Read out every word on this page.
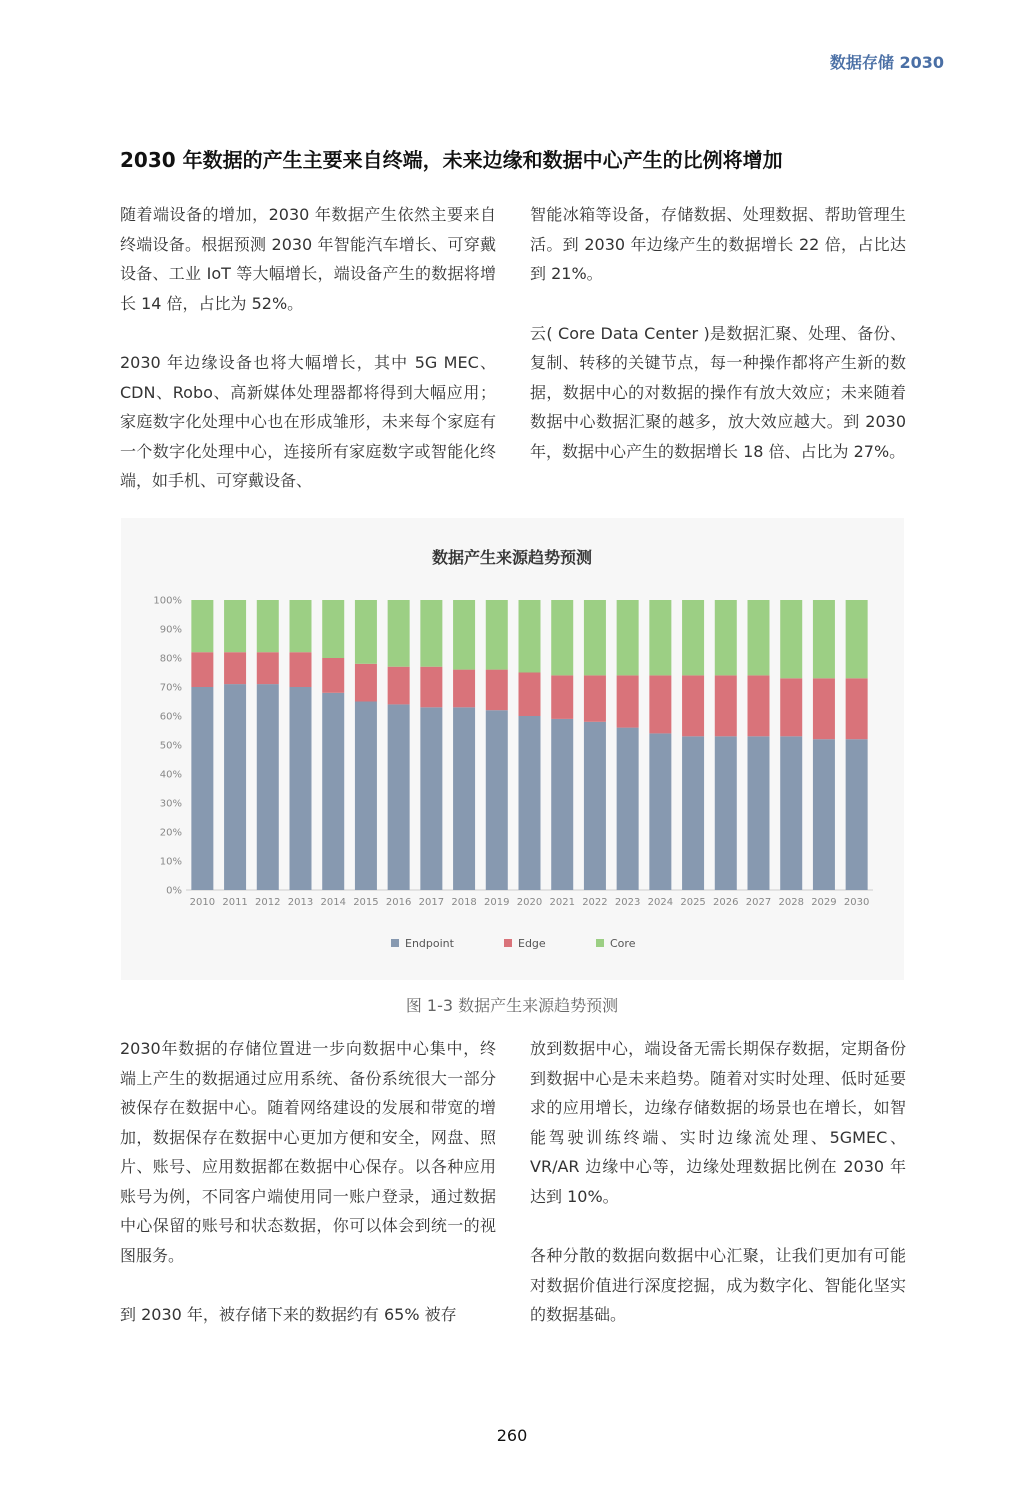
数据存储 2030
2030 年数据的产生主要来自终端，未来边缘和数据中心产生的比例将增加

随着端设备的增加，2030 年数据产生依然主要来自终端设备。根据预测 2030 年智能汽车增长、可穿戴设备、工业 IoT 等大幅增长，端设备产生的数据将增长 14 倍，占比为 52%。

2030 年边缘设备也将大幅增长，其中 5G MEC、CDN、Robo、高新媒体处理器都将得到大幅应用；家庭数字化处理中心也在形成雏形，未来每个家庭有一个数字化处理中心，连接所有家庭数字或智能化终端，如手机、可穿戴设备、

智能冰箱等设备，存储数据、处理数据、帮助管理生活。到 2030 年边缘产生的数据增长 22 倍，占比达到 21%。

云( Core Data Center )是数据汇聚、处理、备份、复制、转移的关键节点，每一种操作都将产生新的数据，数据中心的对数据的操作有放大效应；未来随着数据中心数据汇聚的越多，放大效应越大。到 2030 年，数据中心产生的数据增长 18 倍、占比为 27%。

数据产生来源趋势预测
0%
10%
20%
30%
40%
50%
60%
70%
80%
90%
100%
2010 2011 2012 2013 2014 2015 2016 2017 2018 2019 2020 2021 2022 2023 2024 2025 2026 2027 2028 2029 2030
Endpoint	Edge	Core

图 1-3 数据产生来源趋势预测

2030年数据的存储位置进一步向数据中心集中，终端上产生的数据通过应用系统、备份系统很大一部分被保存在数据中心。随着网络建设的发展和带宽的增加，数据保存在数据中心更加方便和安全，网盘、照片、账号、应用数据都在数据中心保存。以各种应用账号为例，不同客户端使用同一账户登录，通过数据中心保留的账号和状态数据，你可以体会到统一的视图服务。

到 2030 年，被存储下来的数据约有 65% 被存

放到数据中心，端设备无需长期保存数据，定期备份到数据中心是未来趋势。随着对实时处理、低时延要求的应用增长，边缘存储数据的场景也在增长，如智能驾驶训练终端、实时边缘流处理、5GMEC、VR/AR 边缘中心等，边缘处理数据比例在 2030 年达到 10%。

各种分散的数据向数据中心汇聚，让我们更加有可能对数据价值进行深度挖掘，成为数字化、智能化坚实的数据基础。

260
